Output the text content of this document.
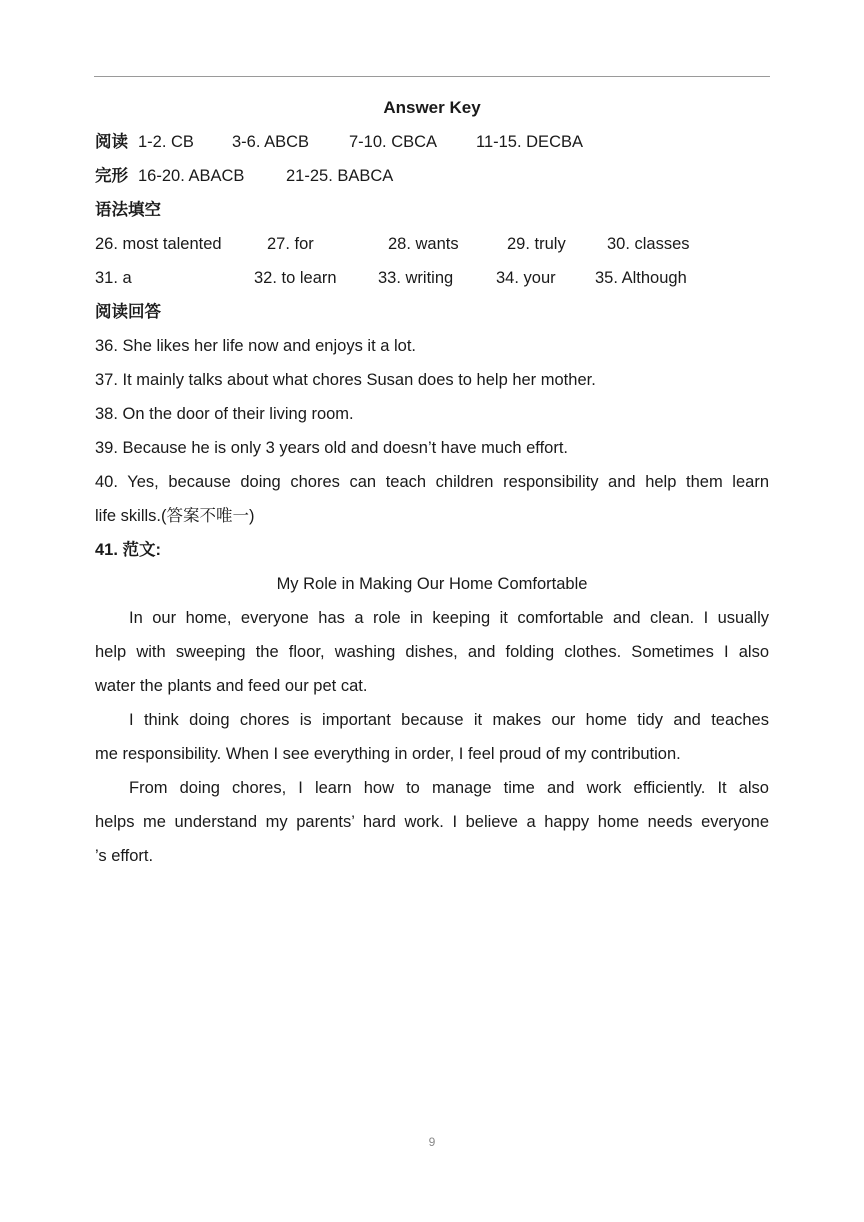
Answer Key
阅读 1-2. CB 3-6. ABCB 7-10. CBCA 11-15. DECBA
完形 16-20. ABACB	21-25. BABCA
语法填空
26. most talented	27. for	28. wants	29. truly	30. classes
31. a	32. to learn	33. writing	34. your 35. Although
阅读回答
36. She likes her life now and enjoys it a lot.
37. It mainly talks about what chores Susan does to help her mother.
38. On the door of their living room.
39. Because he is only 3 years old and doesn’t have much effort.
40. Yes, because doing chores can teach children responsibility and help them learn
life skills.(答案不唯一)
41. 范文:
My Role in Making Our Home Comfortable
In our home, everyone has a role in keeping it comfortable and clean. I usually
help with sweeping the floor, washing dishes, and folding clothes. Sometimes I also
water the plants and feed our pet cat.
I think doing chores is important because it makes our home tidy and teaches
me responsibility. When I see everything in order, I feel proud of my contribution.
From doing chores, I learn how to manage time and work efficiently. It also
helps me understand my parents’ hard work. I believe a happy home needs everyone
’s effort.
9
